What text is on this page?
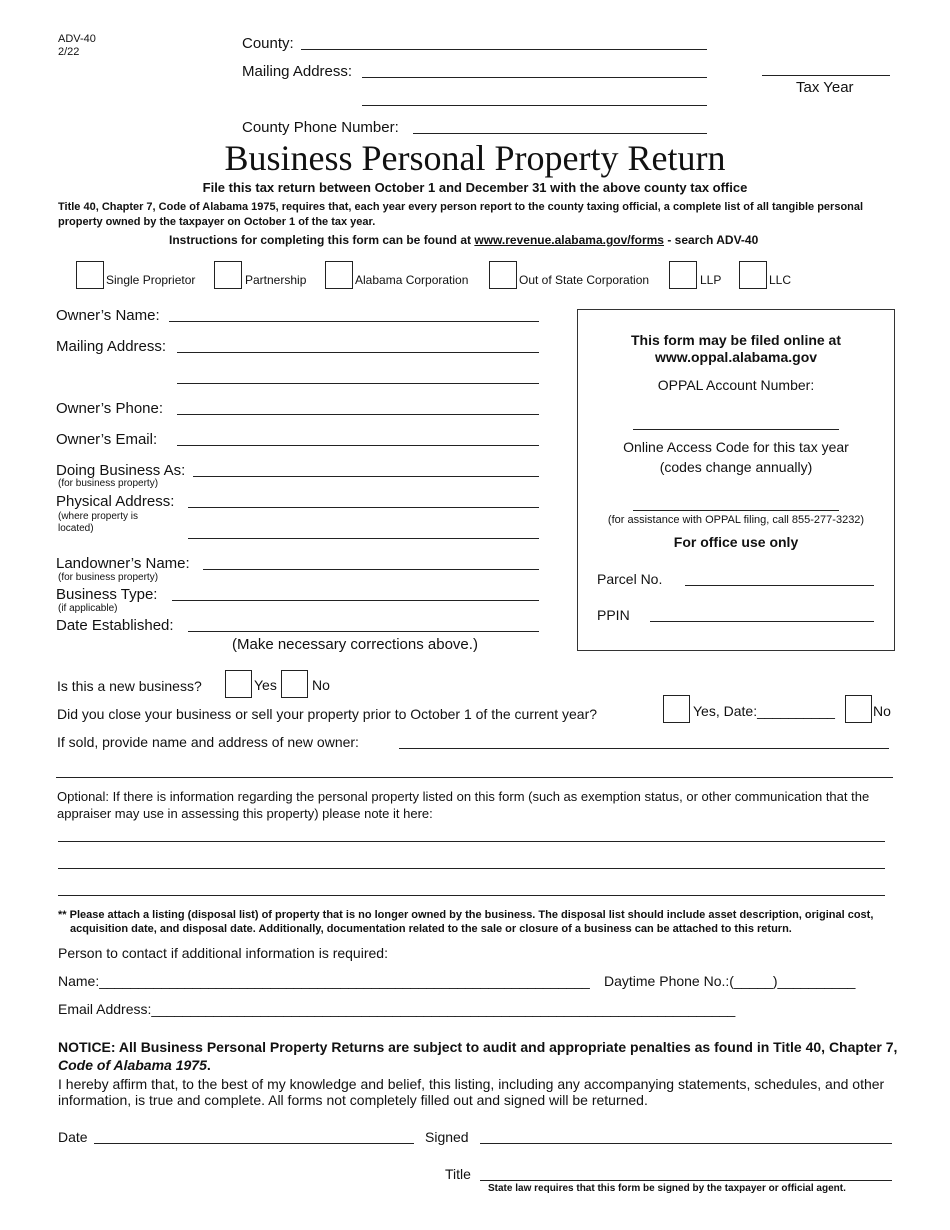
ADV-40
2/22	County:
Mailing Address:
Tax Year
County Phone Number:
Business Personal Property Return
File this tax return between October 1 and December 31 with the above county tax office
Title 40, Chapter 7, Code of Alabama 1975, requires that, each year every person report to the county taxing official, a complete list of all tangible personal property owned by the taxpayer on October 1 of the tax year.
Instructions for completing this form can be found at www.revenue.alabama.gov/forms - search ADV-40
Single Proprietor	Partnership	Alabama Corporation	Out of State Corporation	LLP	LLC
Owner’s Name:
Mailing Address:
Owner’s Phone:
Owner’s Email:
Doing Business As:
(for business property)
Physical Address:
(where property is
located)
Landowner’s Name:
(for business property)
Business Type:
(if applicable)
Date Established:
(Make necessary corrections above.)
This form may be filed online at
www.oppal.alabama.gov
OPPAL Account Number:
Online Access Code for this tax year
(codes change annually)
(for assistance with OPPAL filing, call 855-277-3232)
For office use only
Parcel No.
PPIN
Is this a new business?	Yes	No
Did you close your business or sell your property prior to October 1 of the current year?	Yes, Date:__________	No
If sold, provide name and address of new owner:
Optional: If there is information regarding the personal property listed on this form (such as exemption status, or other communication that the appraiser may use in assessing this property) please note it here:
** Please attach a listing (disposal list) of property that is no longer owned by the business. The disposal list should include asset description, original cost, acquisition date, and disposal date. Additionally, documentation related to the sale or closure of a business can be attached to this return.
Person to contact if additional information is required:
Name:_______________________________________________________________ Daytime Phone No.:(_____)__________
Email Address:___________________________________________________________________________
NOTICE: All Business Personal Property Returns are subject to audit and appropriate penalties as found in Title 40, Chapter 7, Code of Alabama 1975.
I hereby affirm that, to the best of my knowledge and belief, this listing, including any accompanying statements, schedules, and other information, is true and complete. All forms not completely filled out and signed will be returned.
Date	Signed
Title
State law requires that this form be signed by the taxpayer or official agent.
